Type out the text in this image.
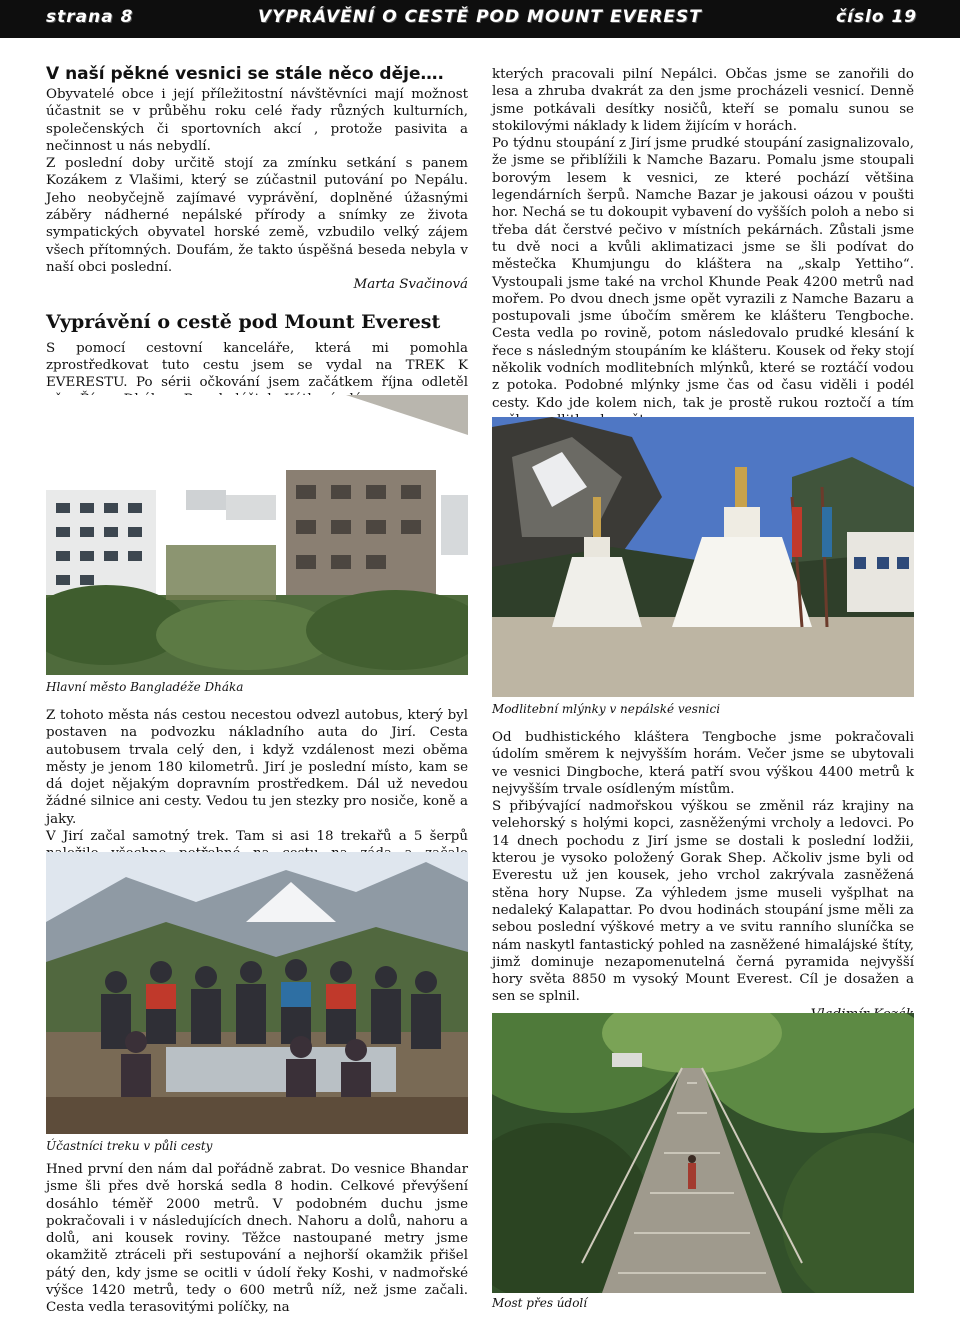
strana 8	VYPRÁVĚNÍ O CESTĚ POD MOUNT EVEREST	číslo 19
V naší pěkné vesnici se stále něco děje….

Obyvatelé obce i její příležitostní návštěvníci mají možnost účastnit se v průběhu roku celé řady různých kulturních, společenských či sportovních akcí , protože pasivita a nečinnost u nás nebydlí.

Z poslední doby určitě stojí za zmínku setkání s panem Kozákem z Vlašimi, který se zúčastnil putování po Nepálu. Jeho neobyčejně zajímavé vyprávění, doplněné úžasnými záběry nádherné nepálské přírody a snímky ze života sympatických obyvatel horské země, vzbudilo velký zájem všech přítomných. Doufám, že takto úspěšná beseda nebyla v naší obci poslední.

Marta Svačinová

Vyprávění o cestě pod Mount Everest

S pomocí cestovní kanceláře, která mi pomohla zprostředkovat tuto cestu jsem se vydal na TREK K EVERESTU. Po sérii očkování jsem začátkem října odletěl

Hlavní město Bangladéže Dháka

Z tohoto města nás cestou necestou odvezl autobus, který byl postaven na podvozku nákladního auta do Jirí. Cesta autobusem trvala celý den, i když vzdálenost mezi oběma městy je jenom 180 kilometrů. Jirí je poslední místo, kam se dá dojet nějakým dopravním prostředkem. Dál už nevedou žádné silnice ani cesty. Vedou tu jen stezky pro nosiče, koně a jaky.

V Jirí začal samotný trek. Tam si asi 18 trekařů a 5 šerpů

Účastníci treku v půli cesty

Hned první den nám dal pořádně zabrat. Do vesnice Bhandar jsme šli přes dvě horská sedla 8 hodin. Celkové převýšení dosáhlo téměř 2000 metrů. V podobném duchu jsme pokračovali i v následujících dnech. Nahoru a dolů, nahoru a dolů, ani kousek roviny. Těžce nastoupané metry jsme okamžitě ztráceli při sestupování a nejhorší okamžik přišel pátý den, kdy jsme se ocitli v údolí řeky Koshi, v nadmořské výšce 1420 metrů, tedy o 600 metrů níž, než jsme začali. Cesta vedla terasovitými políčky, na

kterých pracovali pilní Nepálci. Občas jsme se zanořili do lesa a zhruba dvakrát za den jsme procházeli vesnicí. Denně jsme potkávali desítky nosičů, kteří se pomalu sunou se stokilovými náklady k lidem žijícím v horách.

Po týdnu stoupání z Jirí jsme prudké stoupání zasignalizovalo, že jsme se přiblížili k Namche Bazaru. Pomalu jsme stoupali borovým lesem k vesnici, ze které pochází většina legendárních šerpů. Namche Bazar je jakousi oázou v poušti hor. Nechá se tu dokoupit vybavení do vyšších poloh a nebo si třeba dát čerstvé pečivo v místních pekárnách. Zůstali jsme tu dvě noci a kvůli aklimatizaci jsme se šli podívat do městečka Khumjungu do kláštera na „skalp Yettiho“. Vystoupali jsme také na vrchol Khunde Peak 4200 metrů nad mořem. Po dvou dnech jsme opět vyrazili z Namche Bazaru a postupovali jsme úbočím směrem ke klášteru Tengboche. Cesta vedla po rovině, potom následovalo prudké klesání k řece s následným stoupáním ke klášteru. Kousek od řeky stojí několik vodních modlitebních mlýnků, které se roztáčí vodou z potoka. Podobné mlýnky jsme čas od času viděli i podél cesty. Kdo jde kolem nich, tak je prostě rukou roztočí a tím

Modlitební mlýnky v nepálské vesnici

Od budhistického kláštera Tengboche jsme pokračovali údolím směrem k nejvyšším horám. Večer jsme se ubytovali ve vesnici Dingboche, která patří svou výškou 4400 metrů k nejvyšším trvale osídleným místům.

S přibývající nadmořskou výškou se změnil ráz krajiny na velehorský s holými kopci, zasněženými vrcholy a ledovci. Po 14 dnech pochodu z Jirí jsme se dostali k poslední lodžii, kterou je vysoko položený Gorak Shep. Ačkoliv jsme byli od Everestu už jen kousek, jeho vrchol zakrývala zasněžená stěna hory Nupse. Za výhledem jsme museli vyšplhat na nedaleký Kalapattar. Po dvou hodinách stoupání jsme měli za sebou poslední výškové metry a ve svitu ranního sluníčka se nám naskytl fantastický pohled na zasněžené himalájské štíty, jimž dominuje nezapomenutelná černá pyramida nejvyšší hory světa 8850 m vysoký Mount Everest. Cíl je dosažen a sen se splnil.

Most přes údolí
